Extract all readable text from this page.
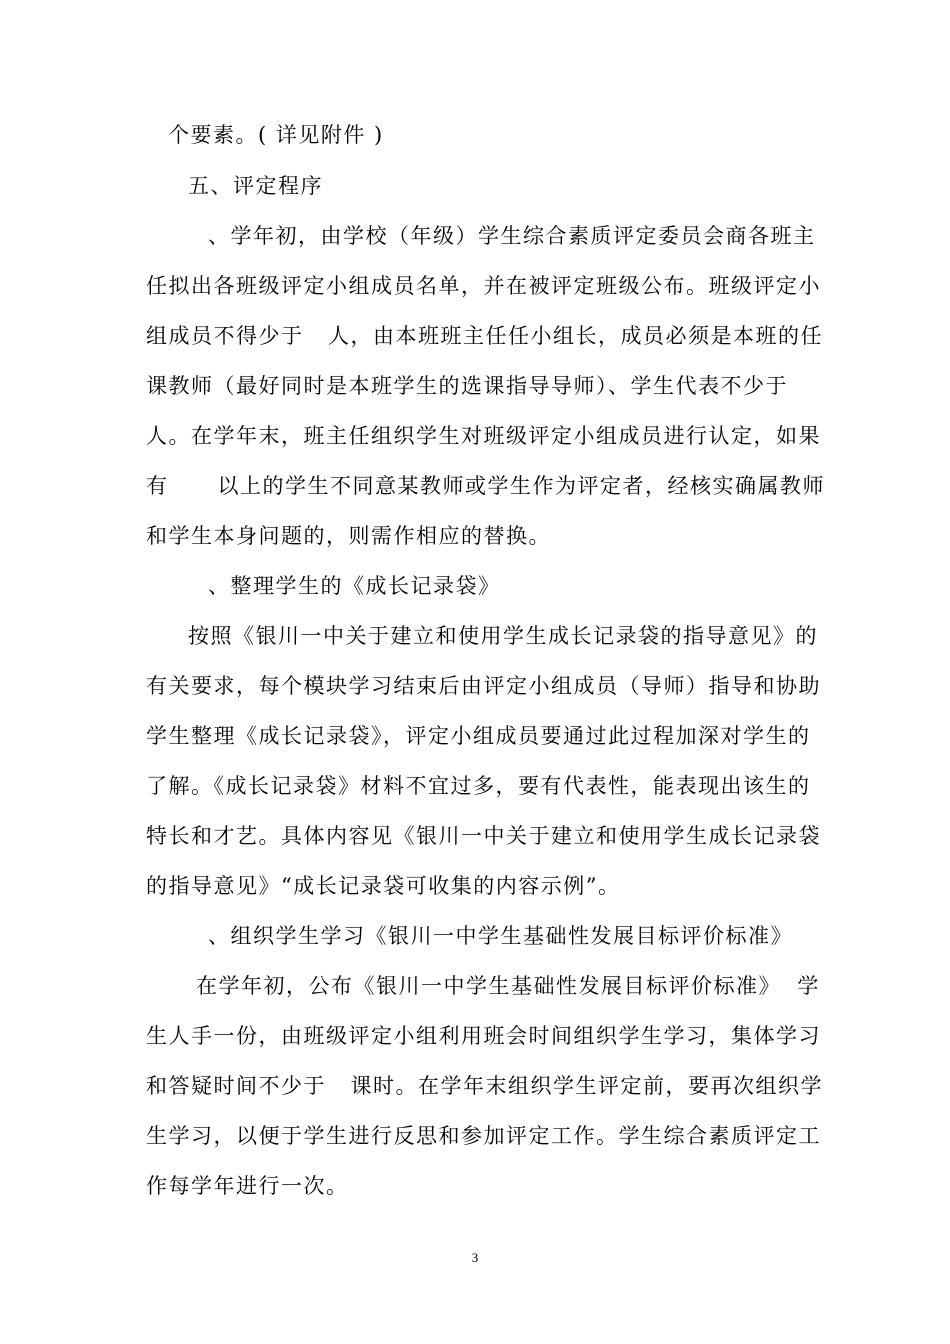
个要素。( 详见附件 )
五、评定程序
、学年初，由学校（年级）学生综合素质评定委员会商各班主
任拟出各班级评定小组成员名单，并在被评定班级公布。班级评定小
组成员不得少于   人，由本班班主任任小组长，成员必须是本班的任
课教师（最好同时是本班学生的选课指导导师）、学生代表不少于
人。在学年末，班主任组织学生对班级评定小组成员进行认定，如果
有      以上的学生不同意某教师或学生作为评定者，经核实确属教师
和学生本身问题的，则需作相应的替换。
、整理学生的《成长记录袋》
按照《银川一中关于建立和使用学生成长记录袋的指导意见》的
有关要求，每个模块学习结束后由评定小组成员（导师）指导和协助
学生整理《成长记录袋》，评定小组成员要通过此过程加深对学生的
了解。《成长记录袋》材料不宜过多，要有代表性，能表现出该生的
特长和才艺。具体内容见《银川一中关于建立和使用学生成长记录袋
的指导意见》“成长记录袋可收集的内容示例”。
、组织学生学习《银川一中学生基础性发展目标评价标准》
在学年初，公布《银川一中学生基础性发展目标评价标准》  学
生人手一份，由班级评定小组利用班会时间组织学生学习，集体学习
和答疑时间不少于   课时。在学年末组织学生评定前，要再次组织学
生学习，以便于学生进行反思和参加评定工作。学生综合素质评定工
作每学年进行一次。
3
